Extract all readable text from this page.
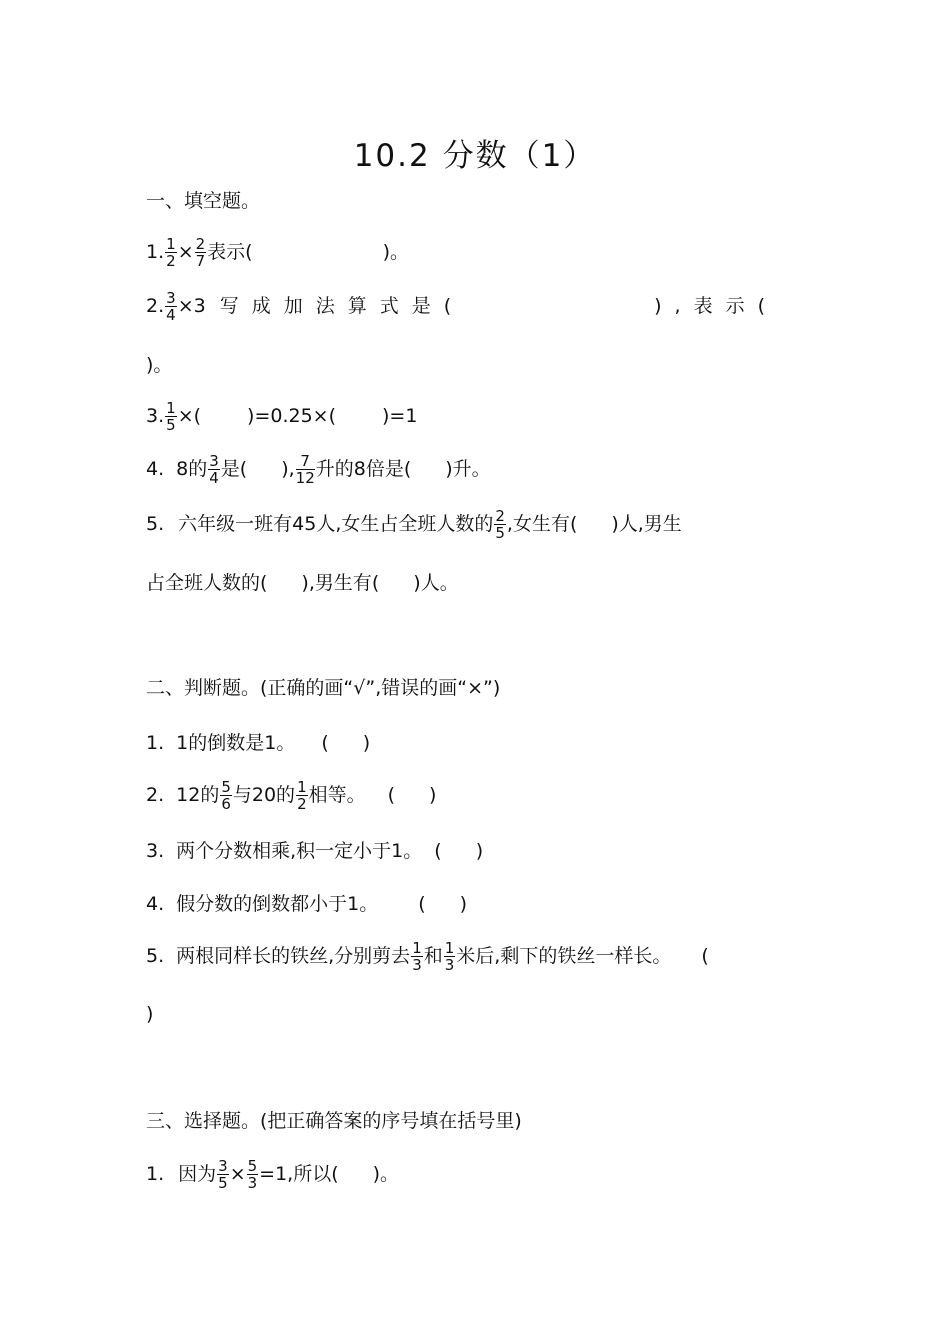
10.2 分数（1）
一、填空题。
1. $\frac{1}{2} \times \frac{2}{7}$ 表示(	)。
2. $\frac{3}{4} \times 3$ 写成加法算式是(	),表示(
)。
3. $\frac{1}{5}$ ×( )=0.25×( )=1
4. 8的 $\frac{3}{4}$ 是( ), $\frac{7}{12}$ 升的8倍是( )升。
5. 六年级一班有45人,女生占全班人数的 $\frac{2}{5}$ ,女生有( )人,男生
占全班人数的( ),男生有( )人。
二、判断题。(正确的画“√”,错误的画“×”)
1. 1的倒数是1。 ( )
2. 12的 $\frac{5}{6}$ 与20的 $\frac{1}{2}$ 相等。 ( )
3. 两个分数相乘,积一定小于1。 ( )
4. 假分数的倒数都小于1。 ( )
5. 两根同样长的铁丝,分别剪去 $\frac{1}{3}$ 和 $\frac{1}{3}$ 米后,剩下的铁丝一样长。 (
)
三、选择题。(把正确答案的序号填在括号里)
1. 因为 $\frac{3}{5} \times \frac{5}{3} =1$,所以( )。
